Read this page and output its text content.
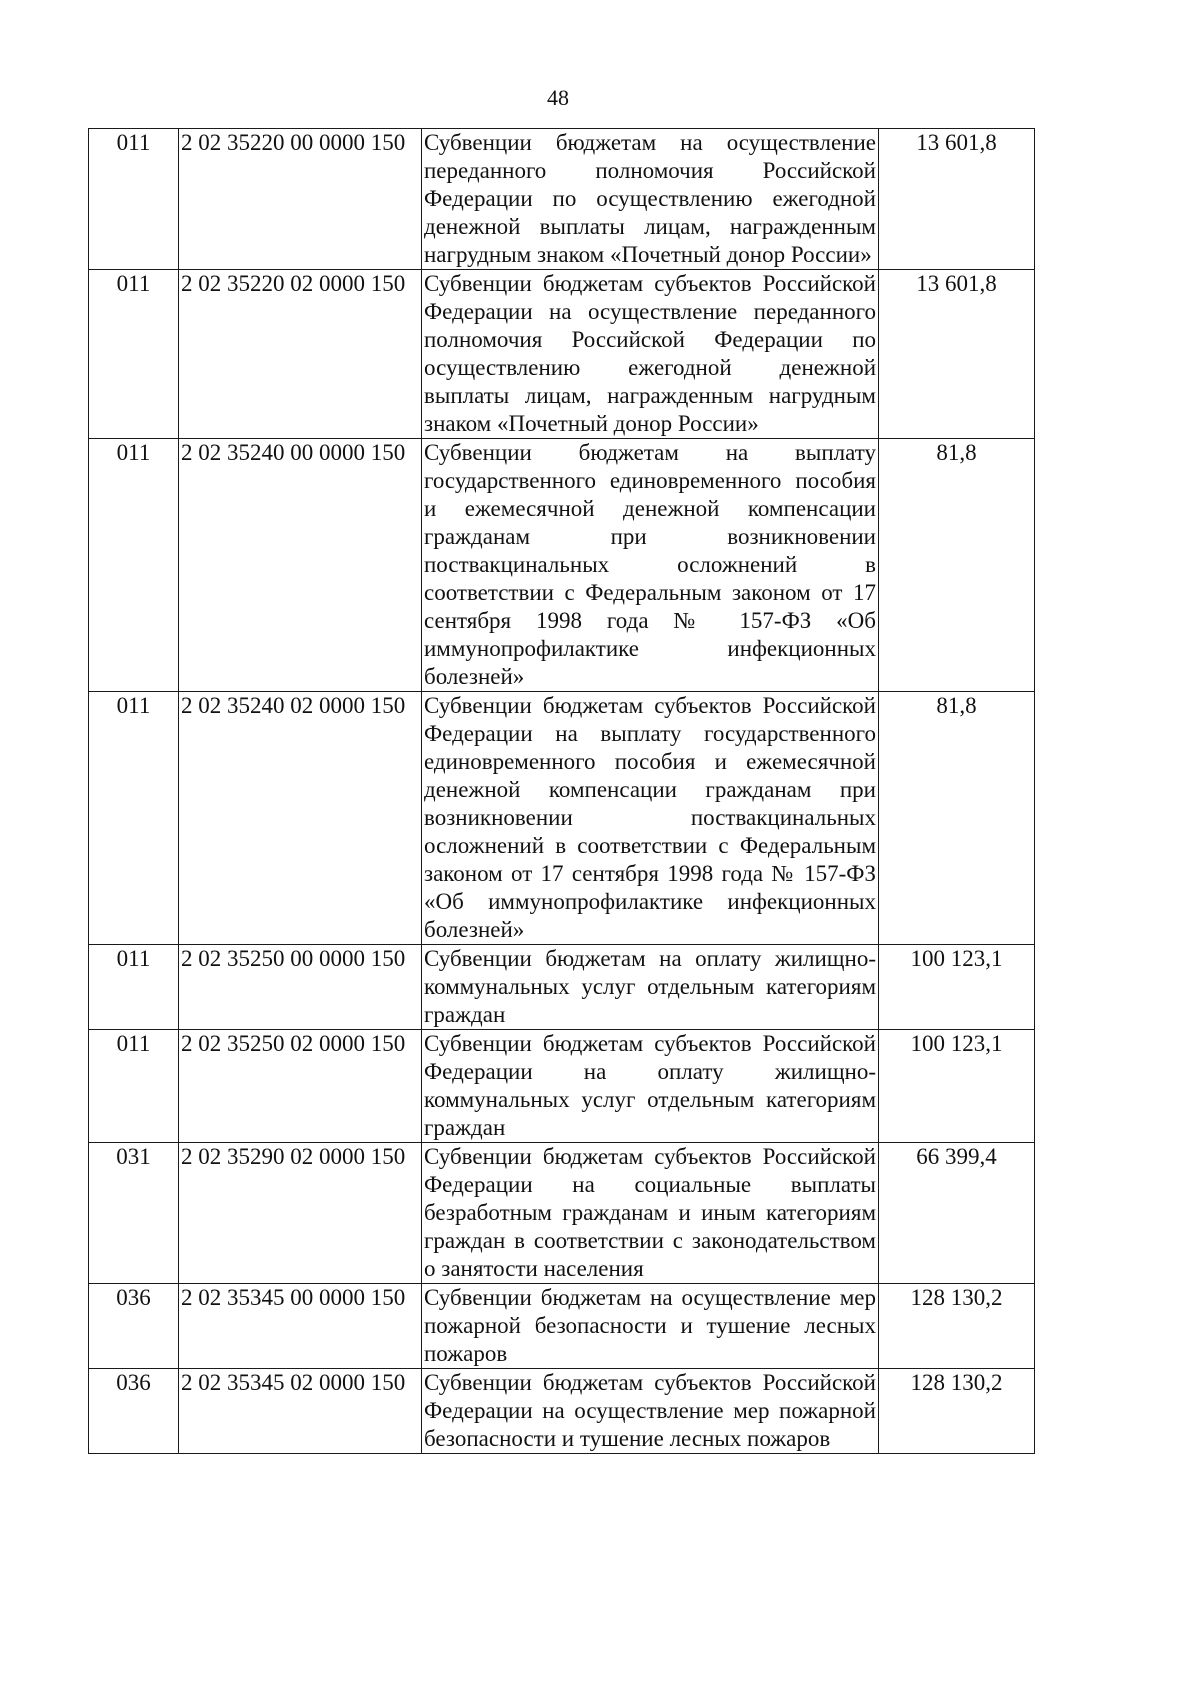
48
011	2 02 35220 00 0000 150	Субвенции бюджетам на осуществление переданного полномочия Российской Федерации по осуществлению ежегодной денежной выплаты лицам, награжденным нагрудным знаком «Почетный донор России»	13 601,8
011	2 02 35220 02 0000 150	Субвенции бюджетам субъектов Российской Федерации на осуществление переданного полномочия Российской Федерации по осуществлению ежегодной денежной выплаты лицам, награжденным нагрудным знаком «Почетный донор России»	13 601,8
011	2 02 35240 00 0000 150	Субвенции бюджетам на выплату государственного единовременного пособия и ежемесячной денежной компенсации гражданам при возникновении поствакцинальных осложнений в соответствии с Федеральным законом от 17 сентября 1998 года № 157-ФЗ «Об иммунопрофилактике инфекционных болезней»	81,8
011	2 02 35240 02 0000 150	Субвенции бюджетам субъектов Российской Федерации на выплату государственного единовременного пособия и ежемесячной денежной компенсации гражданам при возникновении поствакцинальных осложнений в соответствии с Федеральным законом от 17 сентября 1998 года № 157-ФЗ «Об иммунопрофилактике инфекционных болезней»	81,8
011	2 02 35250 00 0000 150	Субвенции бюджетам на оплату жилищно-коммунальных услуг отдельным категориям граждан	100 123,1
011	2 02 35250 02 0000 150	Субвенции бюджетам субъектов Российской Федерации на оплату жилищно-коммунальных услуг отдельным категориям граждан	100 123,1
031	2 02 35290 02 0000 150	Субвенции бюджетам субъектов Российской Федерации на социальные выплаты безработным гражданам и иным категориям граждан в соответствии с законодательством о занятости населения	66 399,4
036	2 02 35345 00 0000 150	Субвенции бюджетам на осуществление мер пожарной безопасности и тушение лесных пожаров	128 130,2
036	2 02 35345 02 0000 150	Субвенции бюджетам субъектов Российской Федерации на осуществление мер пожарной безопасности и тушение лесных пожаров	128 130,2
